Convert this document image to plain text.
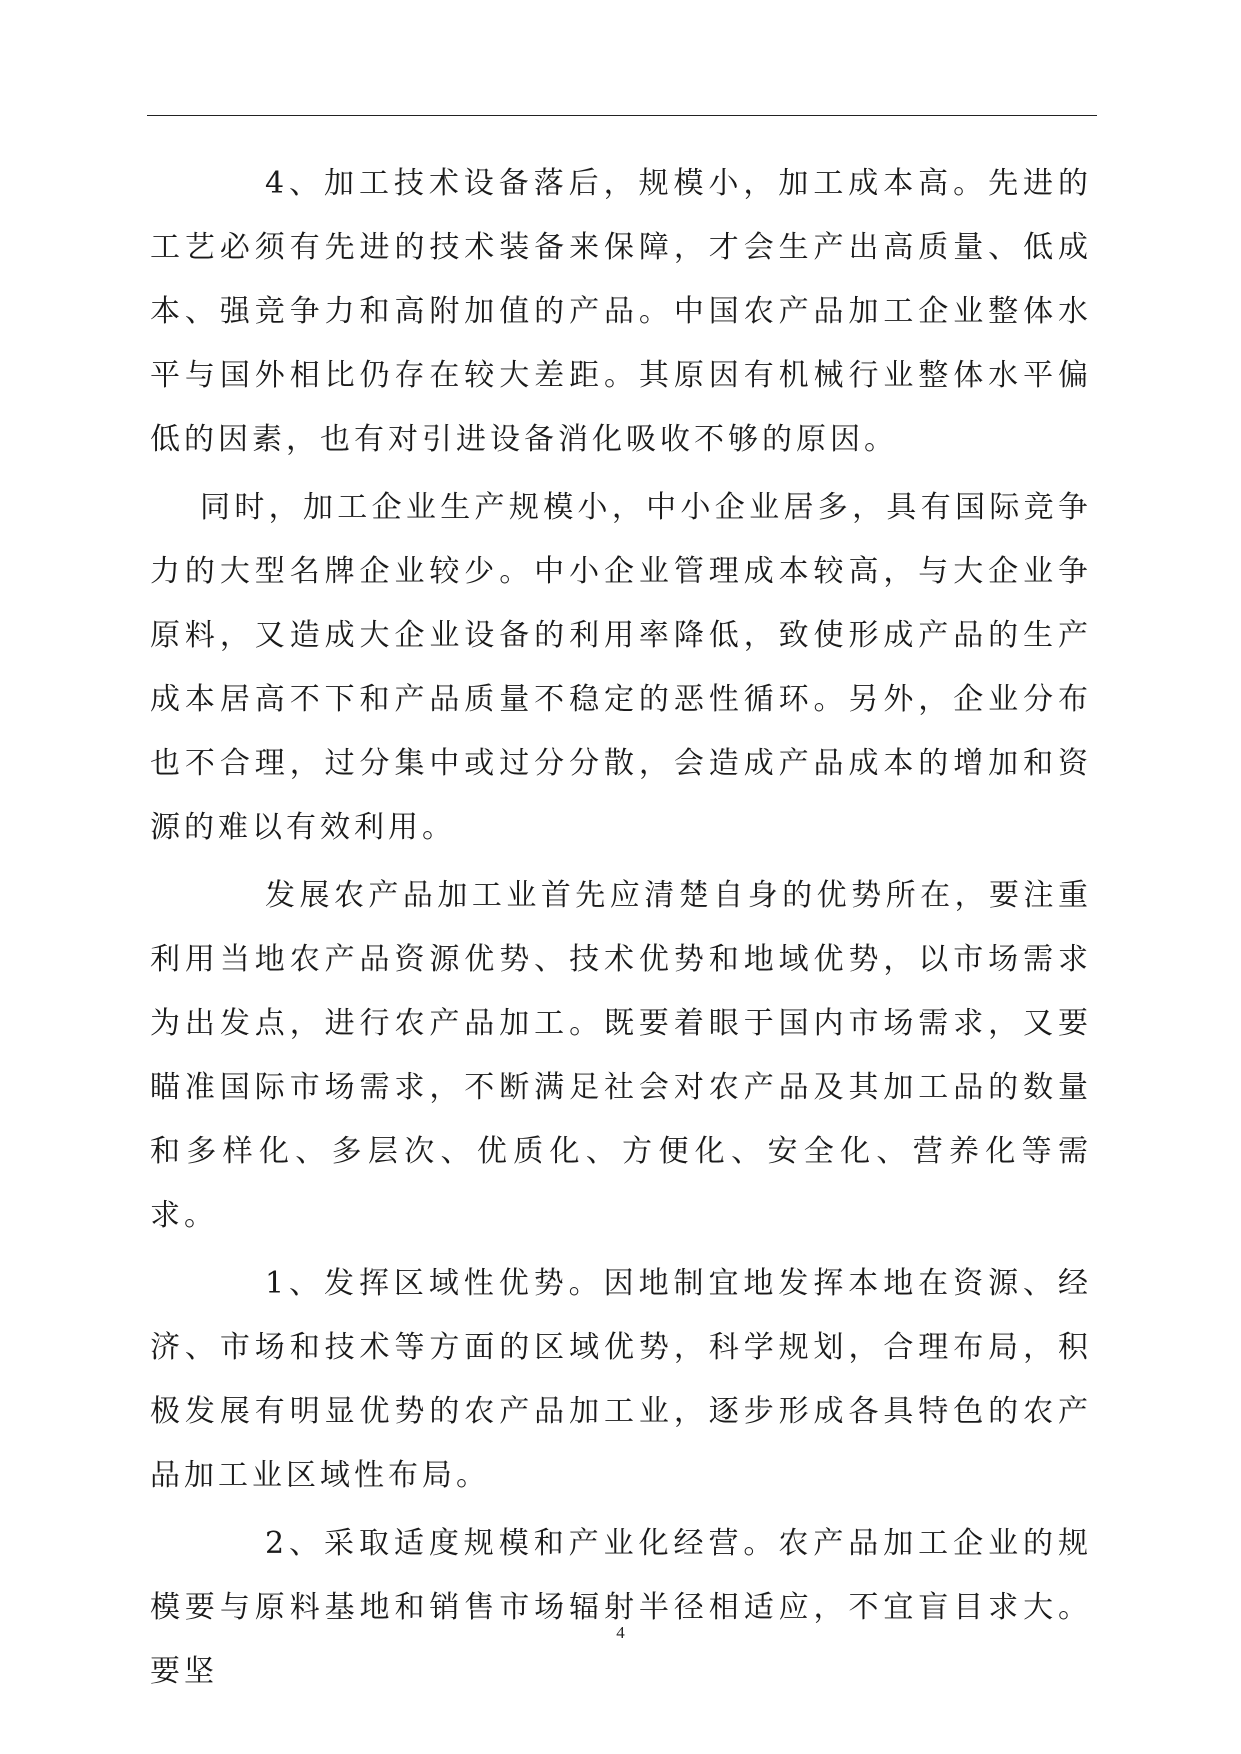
4、加工技术设备落后，规模小，加工成本高。先进的工艺必须有先进的技术装备来保障，才会生产出高质量、低成本、强竞争力和高附加值的产品。中国农产品加工企业整体水平与国外相比仍存在较大差距。其原因有机械行业整体水平偏低的因素，也有对引进设备消化吸收不够的原因。

同时，加工企业生产规模小，中小企业居多，具有国际竞争力的大型名牌企业较少。中小企业管理成本较高，与大企业争原料，又造成大企业设备的利用率降低，致使形成产品的生产成本居高不下和产品质量不稳定的恶性循环。另外，企业分布也不合理，过分集中或过分分散，会造成产品成本的增加和资源的难以有效利用。

发展农产品加工业首先应清楚自身的优势所在，要注重利用当地农产品资源优势、技术优势和地域优势，以市场需求为出发点，进行农产品加工。既要着眼于国内市场需求，又要瞄准国际市场需求，不断满足社会对农产品及其加工品的数量和多样化、多层次、优质化、方便化、安全化、营养化等需求。

1、发挥区域性优势。因地制宜地发挥本地在资源、经济、市场和技术等方面的区域优势，科学规划，合理布局，积极发展有明显优势的农产品加工业，逐步形成各具特色的农产品加工业区域性布局。

2、采取适度规模和产业化经营。农产品加工企业的规模要与原料基地和销售市场辐射半径相适应，不宜盲目求大。要坚

4
